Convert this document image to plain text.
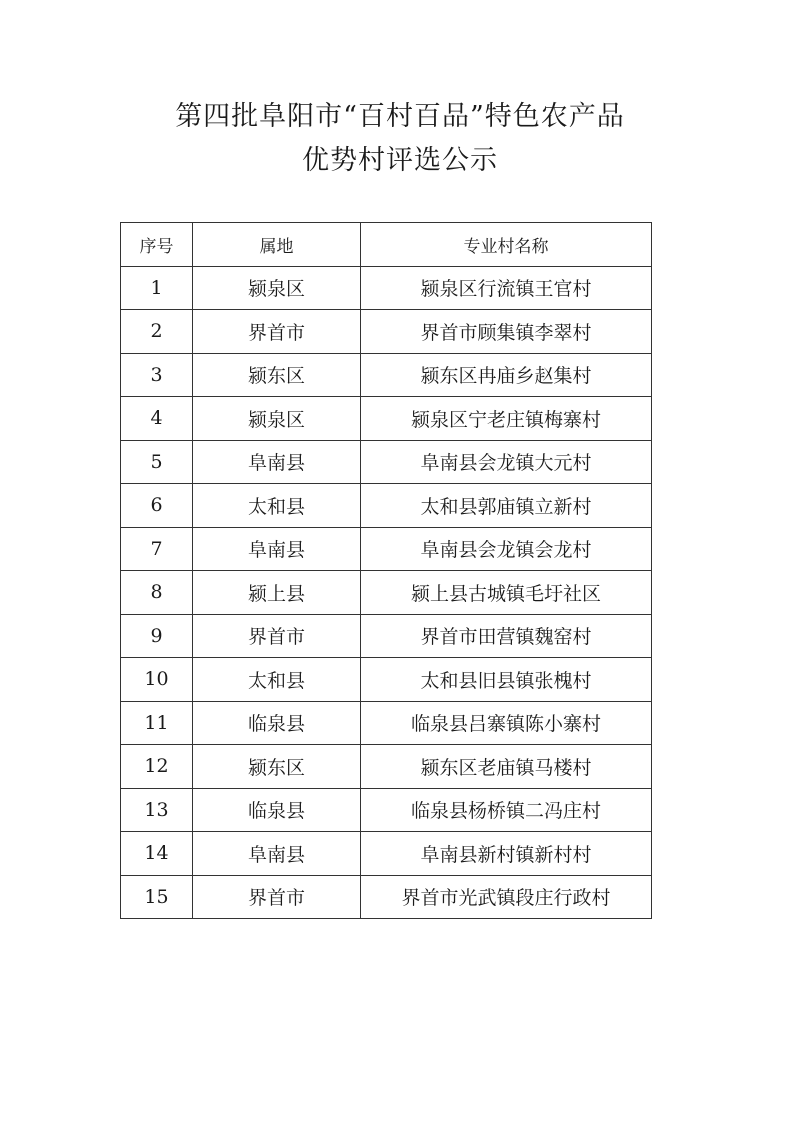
第四批阜阳市“百村百品”特色农产品
优势村评选公示
序号	属地	专业村名称
1	颍泉区	颍泉区行流镇王官村
2	界首市	界首市顾集镇李翠村
3	颍东区	颍东区冉庙乡赵集村
4	颍泉区	颍泉区宁老庄镇梅寨村
5	阜南县	阜南县会龙镇大元村
6	太和县	太和县郭庙镇立新村
7	阜南县	阜南县会龙镇会龙村
8	颍上县	颍上县古城镇毛圩社区
9	界首市	界首市田营镇魏窑村
10	太和县	太和县旧县镇张槐村
11	临泉县	临泉县吕寨镇陈小寨村
12	颍东区	颍东区老庙镇马楼村
13	临泉县	临泉县杨桥镇二冯庄村
14	阜南县	阜南县新村镇新村村
15	界首市	界首市光武镇段庄行政村
